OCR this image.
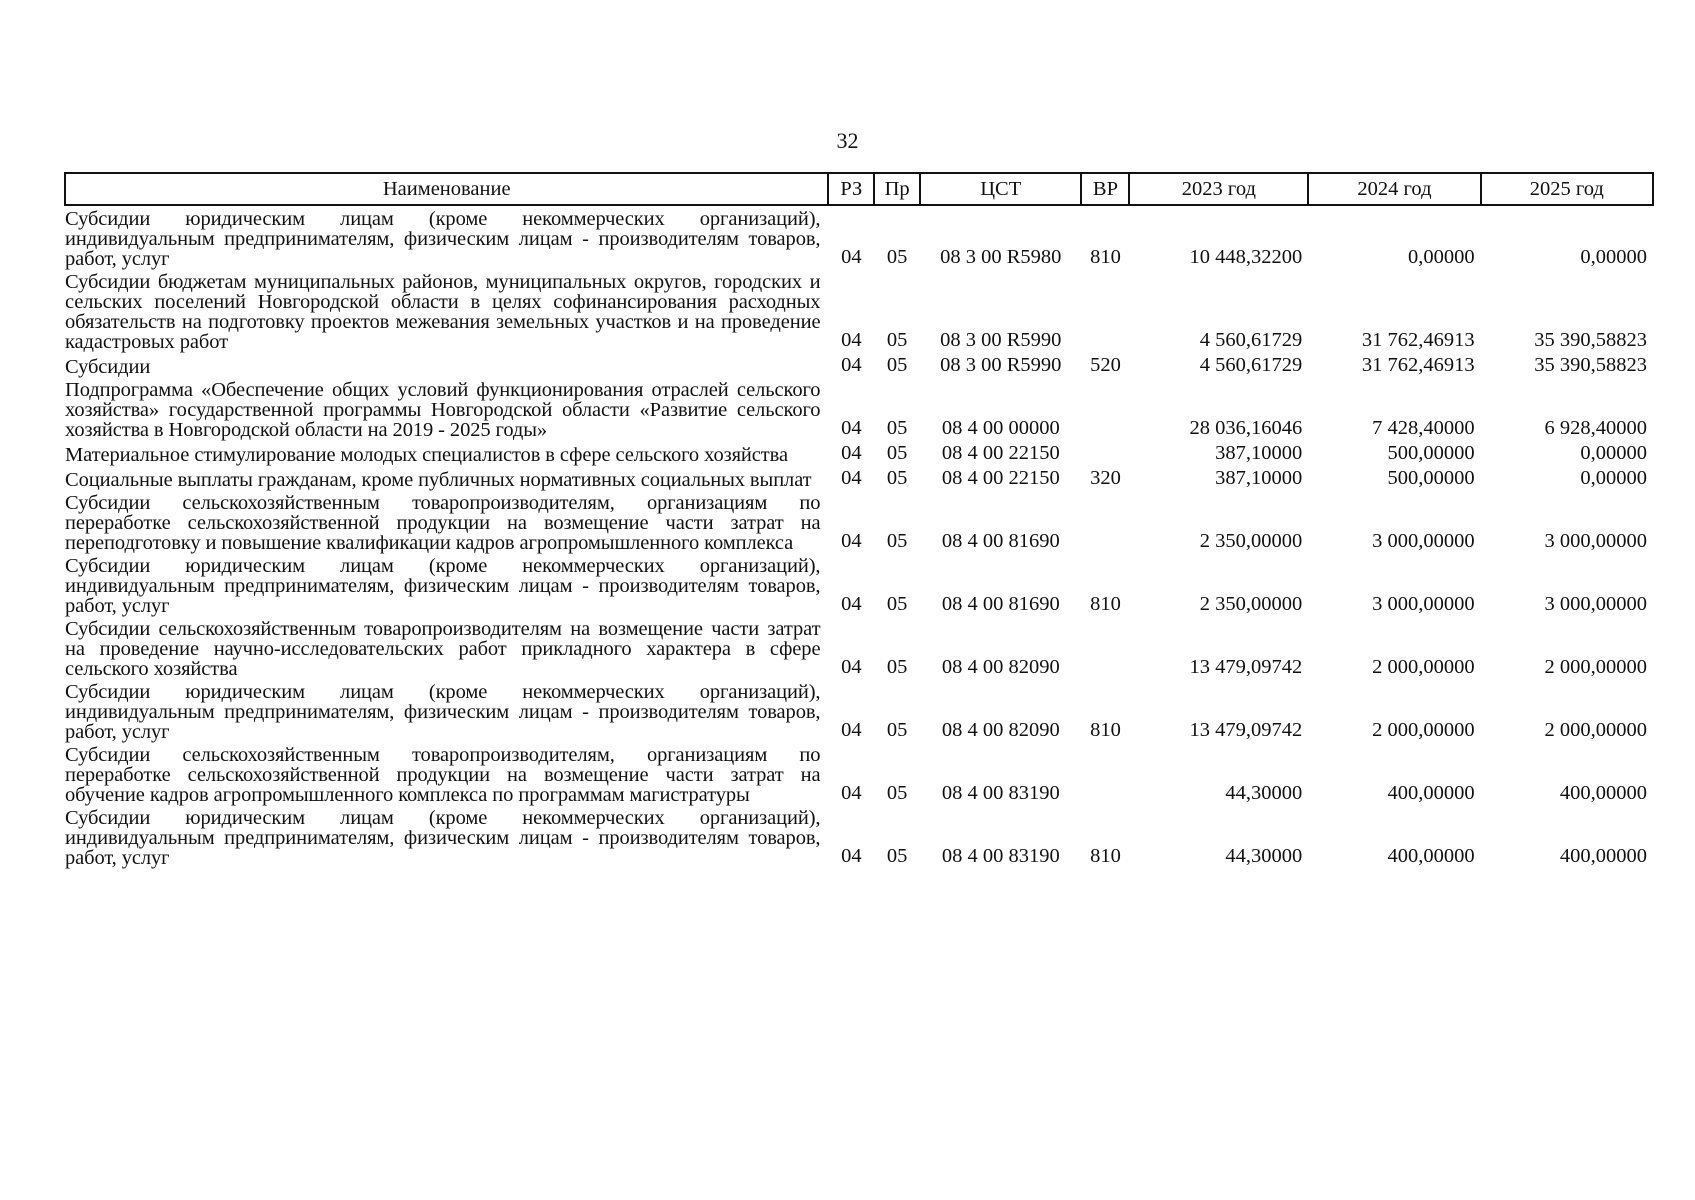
32
Наименование	РЗ	Пр	ЦСТ	ВР	2023 год	2024 год	2025 год
Субсидии юридическим лицам (кроме некоммерческих организаций), индивидуальным предпринимателям, физическим лицам - производителям товаров, работ, услуг	04	05	08 3 00 R5980	810	10 448,32200	0,00000	0,00000
Субсидии бюджетам муниципальных районов, муниципальных округов, городских и сельских поселений Новгородской области в целях софинансирования расходных обязательств на подготовку проектов межевания земельных участков и на проведение кадастровых работ	04	05	08 3 00 R5990		4 560,61729	31 762,46913	35 390,58823
Субсидии	04	05	08 3 00 R5990	520	4 560,61729	31 762,46913	35 390,58823
Подпрограмма «Обеспечение общих условий функционирования отраслей сельского хозяйства» государственной программы Новгородской области «Развитие сельского хозяйства в Новгородской области на 2019 - 2025 годы»	04	05	08 4 00 00000		28 036,16046	7 428,40000	6 928,40000
Материальное стимулирование молодых специалистов в сфере сельского хозяйства	04	05	08 4 00 22150		387,10000	500,00000	0,00000
Социальные выплаты гражданам, кроме публичных нормативных социальных выплат	04	05	08 4 00 22150	320	387,10000	500,00000	0,00000
Субсидии сельскохозяйственным товаропроизводителям, организациям по переработке сельскохозяйственной продукции на возмещение части затрат на переподготовку и повышение квалификации кадров агропромышленного комплекса	04	05	08 4 00 81690		2 350,00000	3 000,00000	3 000,00000
Субсидии юридическим лицам (кроме некоммерческих организаций), индивидуальным предпринимателям, физическим лицам - производителям товаров, работ, услуг	04	05	08 4 00 81690	810	2 350,00000	3 000,00000	3 000,00000
Субсидии сельскохозяйственным товаропроизводителям на возмещение части затрат на проведение научно-исследовательских работ прикладного характера в сфере сельского хозяйства	04	05	08 4 00 82090		13 479,09742	2 000,00000	2 000,00000
Субсидии юридическим лицам (кроме некоммерческих организаций), индивидуальным предпринимателям, физическим лицам - производителям товаров, работ, услуг	04	05	08 4 00 82090	810	13 479,09742	2 000,00000	2 000,00000
Субсидии сельскохозяйственным товаропроизводителям, организациям по переработке сельскохозяйственной продукции на возмещение части затрат на обучение кадров агропромышленного комплекса по программам магистратуры	04	05	08 4 00 83190		44,30000	400,00000	400,00000
Субсидии юридическим лицам (кроме некоммерческих организаций), индивидуальным предпринимателям, физическим лицам - производителям товаров, работ, услуг	04	05	08 4 00 83190	810	44,30000	400,00000	400,00000
